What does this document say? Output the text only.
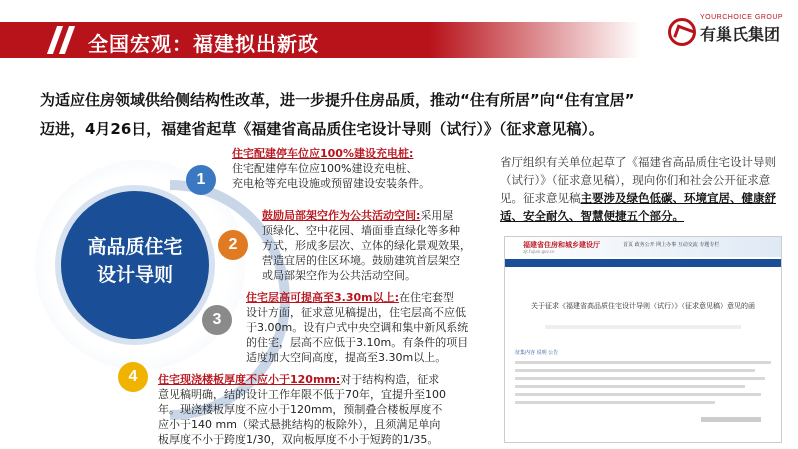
全国宏观：福建拟出新政
YOURCHOICE GROUP
有巢氏集团
为适应住房领域供给侧结构性改革，进一步提升住房品质，推动“住有所居”向“住有宜居”
迈进，4月26日，福建省起草《福建省高品质住宅设计导则（试行）》（征求意见稿）。
高品质住宅
设计导则
1
2
3
4
住宅配建停车位应100%建设充电桩:
住宅配建停车位应100%建设充电桩、
充电枪等充电设施或预留建设安装条件。
鼓励局部架空作为公共活动空间:采用屋
顶绿化、空中花园、墙面垂直绿化等多种
方式，形成多层次、立体的绿化景观效果，
营造宜居的住区环境。鼓励建筑首层架空
或局部架空作为公共活动空间。
住宅层高可提高至3.30m以上:在住宅套型
设计方面，征求意见稿提出，住宅层高不应低
于3.00m。设有户式中央空调和集中新风系统
的住宅，层高不应低于3.10m。有条件的项目
适度加大空间高度，提高至3.30m以上。
住宅现浇楼板厚度不应小于120mm:对于结构构造，征求
意见稿明确，结的设计工作年限不低于70年，宜提升至100
年。现浇楼板厚度不应小于120mm，预制叠合楼板厚度不
应小于140 mm（梁式悬挑结构的板除外），且须满足单向
板厚度不小于跨度1/30，双向板厚度不小于短跨的1/35。
省厅组织有关单位起草了《福建省高品质住宅设计导则（试行）》（征求意见稿），现向你们和社会公开征求意见。征求意见稿主要涉及绿色低碳、环境宜居、健康舒适、安全耐久、智慧便捷五个部分。
福建省住房和城乡建设厅
zjt.fujian.gov.cn
首页 政务公开 网上办事 互动交流 专题专栏
关于征求《福建省高品质住宅设计导则（试行）》（征求意见稿）意见的函
征集内容 说明 公告
